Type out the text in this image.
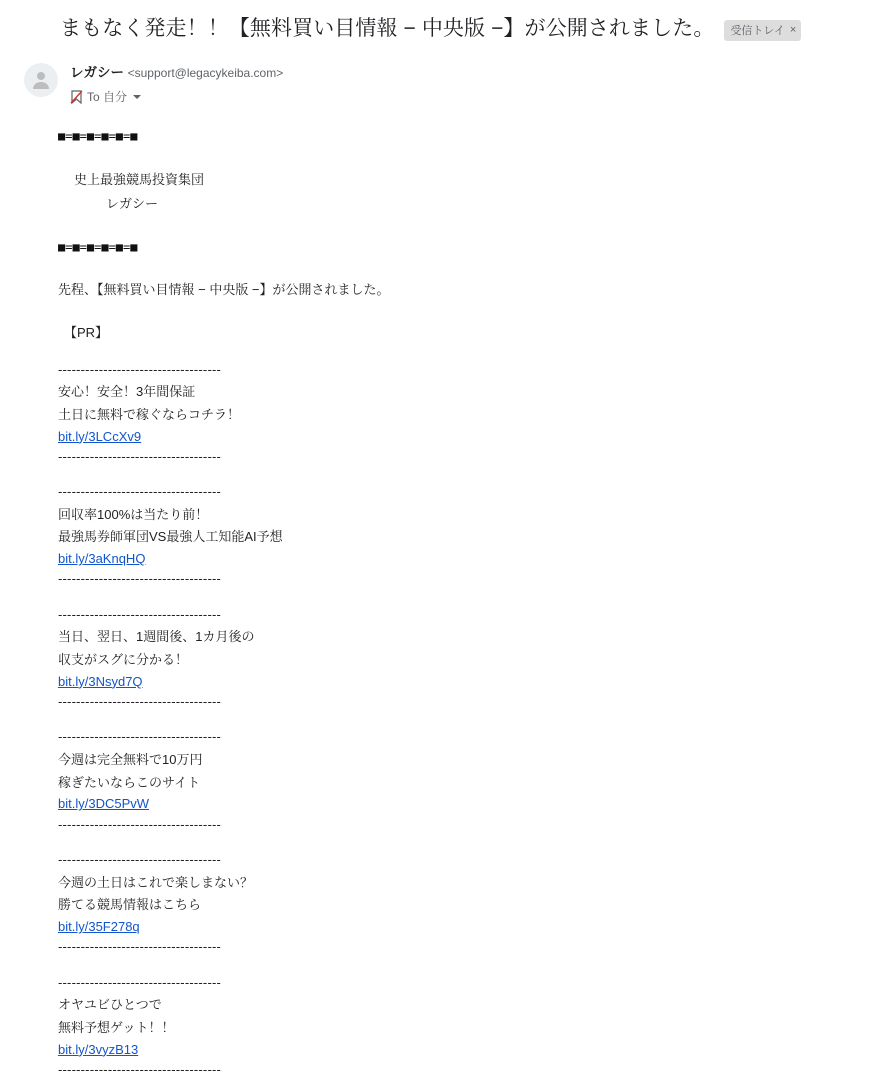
まもなく発走！！【無料買い目情報 − 中央版 −】が公開されました。 受信トレイ ×
レガシー <support@legacykeiba.com>
To 自分
■=■=■=■=■=■
史上最強競馬投資集団
レガシー
■=■=■=■=■=■
先程、【無料買い目情報 − 中央版 −】が公開されました。
【PR】
------------------------------------
安心！安全！3年間保証
土日に無料で稼ぐならコチラ！
bit.ly/3LCcXv9
------------------------------------
------------------------------------
回収率100%は当たり前！
最強馬券師軍団VS最強人工知能AI予想
bit.ly/3aKnqHQ
------------------------------------
------------------------------------
当日、翌日、1週間後、1カ月後の
収支がスグに分かる！
bit.ly/3Nsyd7Q
------------------------------------
------------------------------------
今週は完全無料で10万円
稼ぎたいならこのサイト
bit.ly/3DC5PvW
------------------------------------
------------------------------------
今週の土日はこれで楽しまない？
勝てる競馬情報はこちら
bit.ly/35F278q
------------------------------------
------------------------------------
オヤユビひとつで
無料予想ゲット！！
bit.ly/3vyzB13
------------------------------------
